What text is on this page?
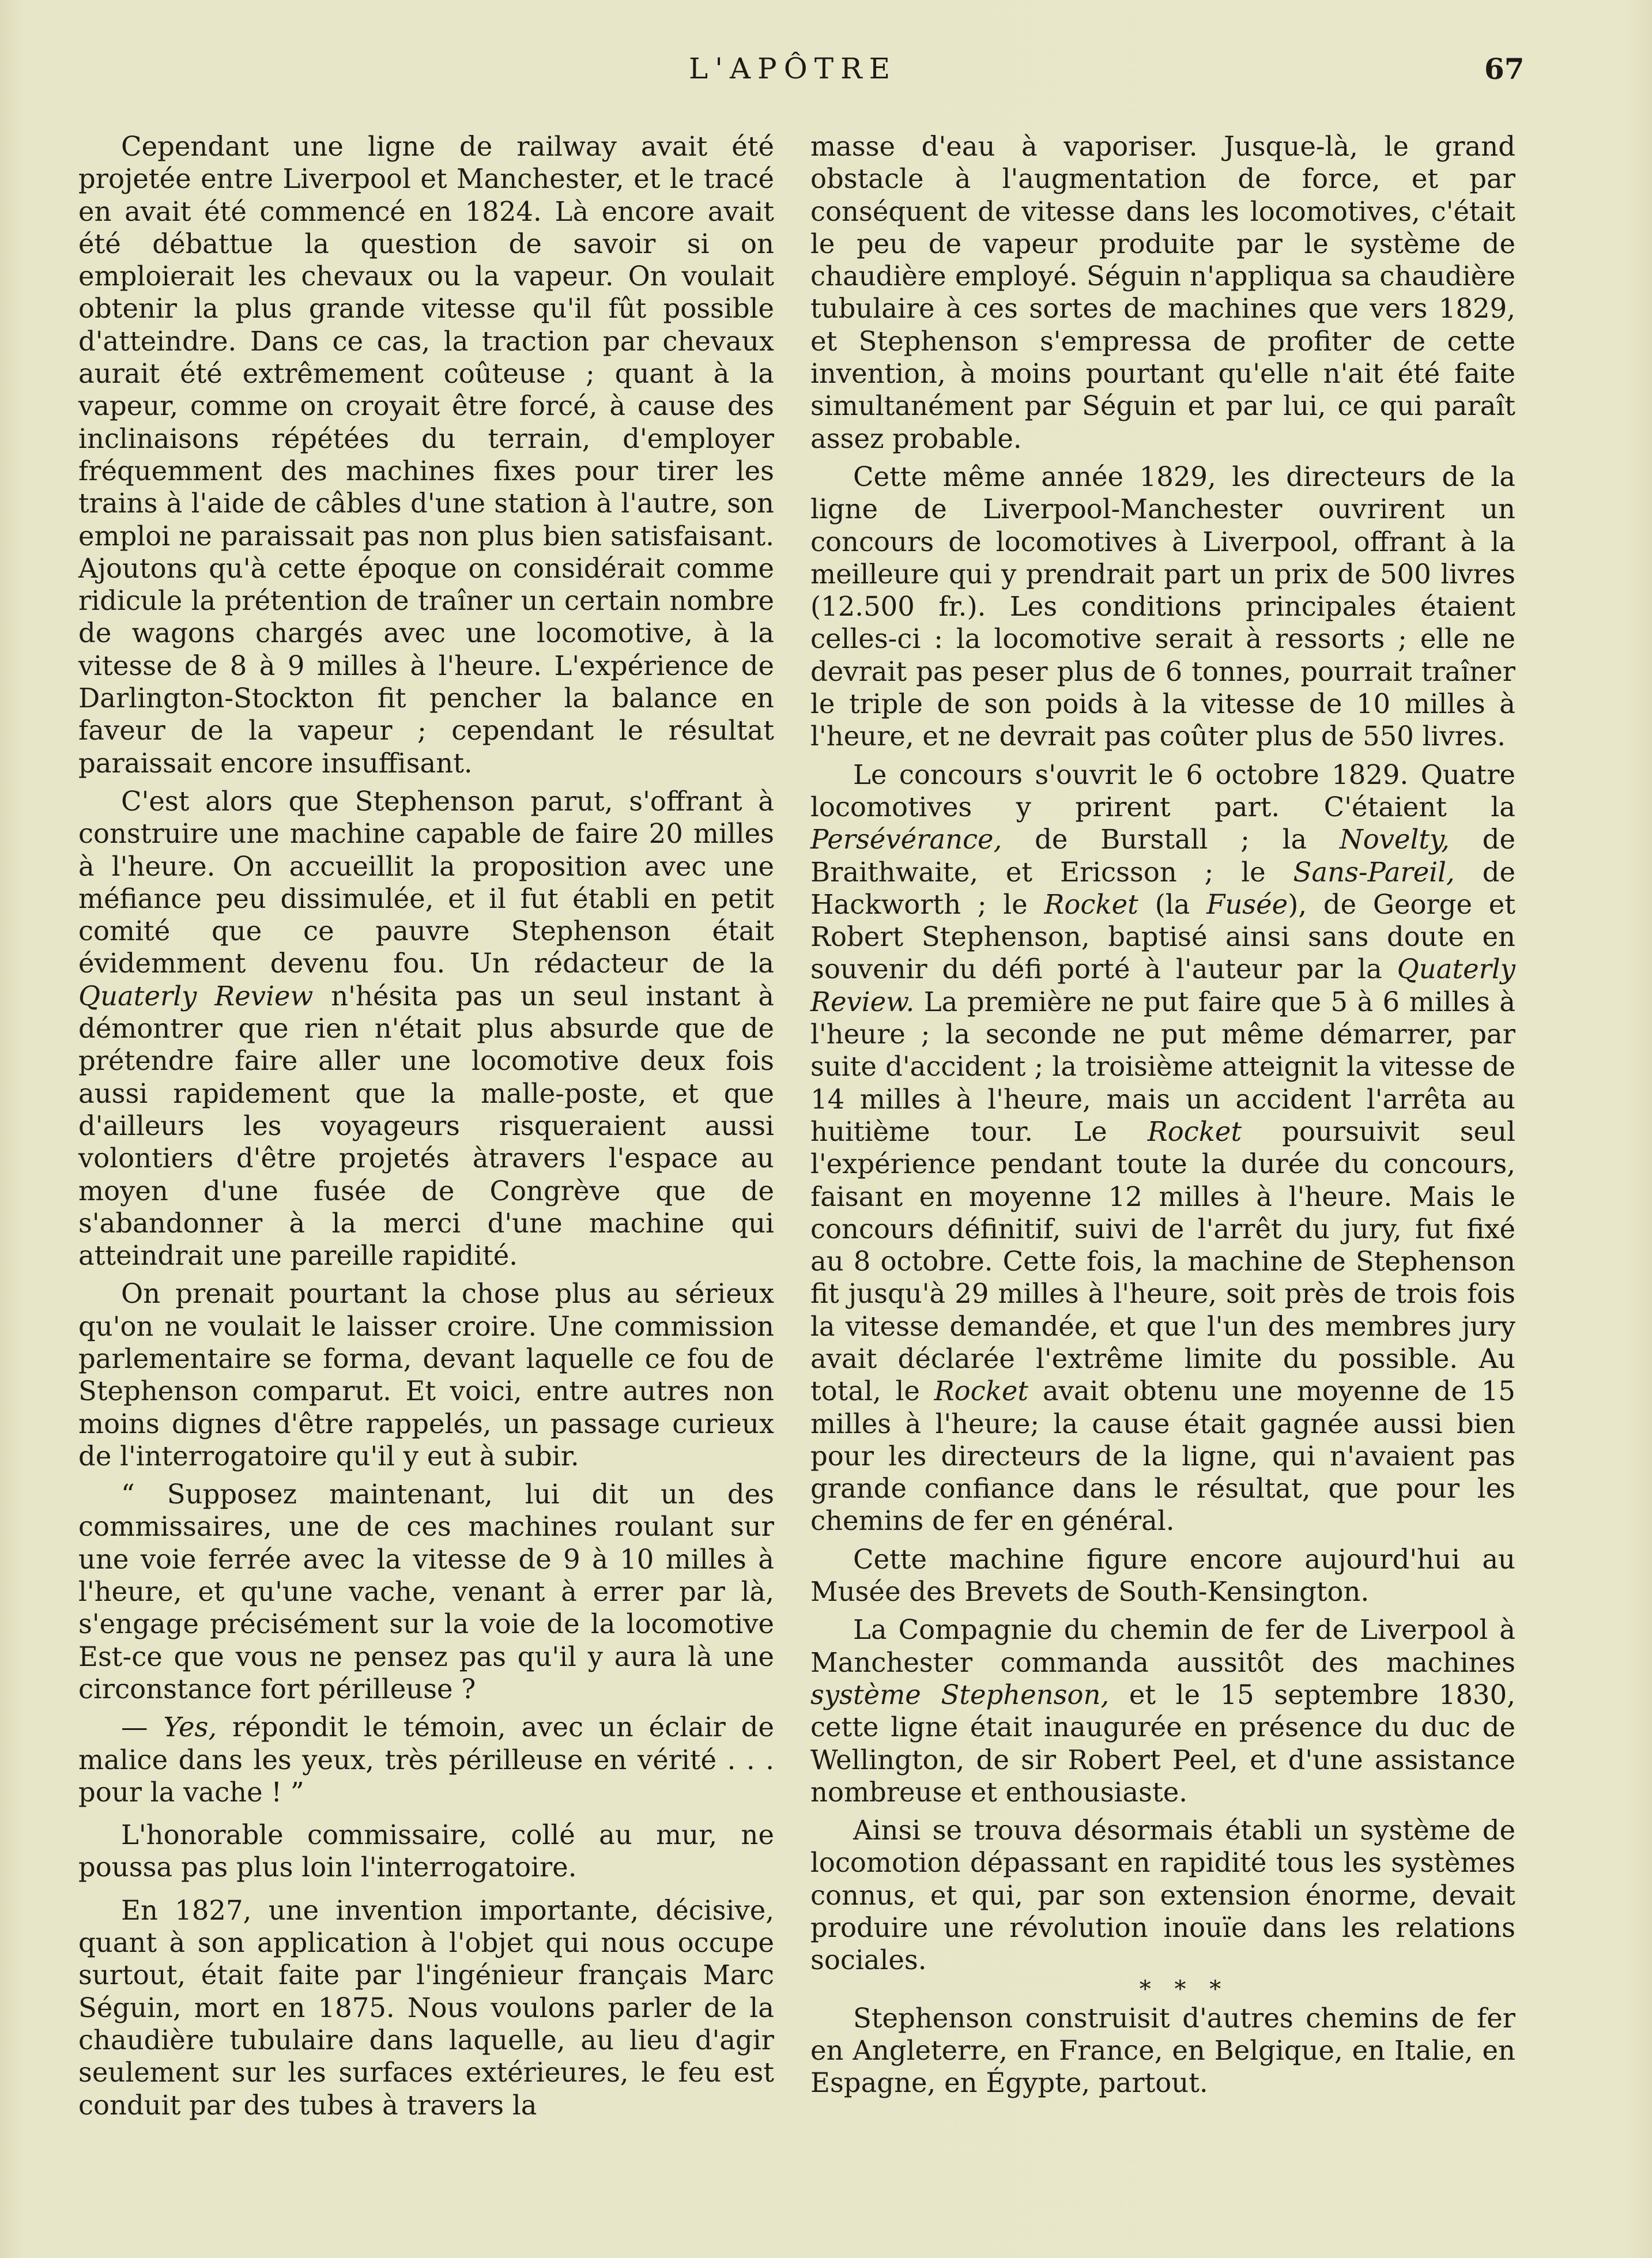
L'APÔTRE	67

Cependant une ligne de railway avait été projetée entre Liverpool et Manchester, et le tracé en avait été commencé en 1824. Là encore avait été débattue la question de savoir si on emploierait les chevaux ou la vapeur. On voulait obtenir la plus grande vitesse qu'il fût possible d'atteindre. Dans ce cas, la traction par chevaux aurait été extrêmement coûteuse ; quant à la vapeur, comme on croyait être forcé, à cause des inclinaisons répétées du terrain, d'employer fréquemment des machines fixes pour tirer les trains à l'aide de câbles d'une station à l'autre, son emploi ne paraissait pas non plus bien satisfaisant. Ajoutons qu'à cette époque on considérait comme ridicule la prétention de traîner un certain nombre de wagons chargés avec une locomotive, à la vitesse de 8 à 9 milles à l'heure. L'expérience de Darlington-Stockton fit pencher la balance en faveur de la vapeur ; cependant le résultat paraissait encore insuffisant.

C'est alors que Stephenson parut, s'offrant à construire une machine capable de faire 20 milles à l'heure. On accueillit la proposition avec une méfiance peu dissimulée, et il fut établi en petit comité que ce pauvre Stephenson était évidemment devenu fou. Un rédacteur de la Quaterly Review n'hésita pas un seul instant à démontrer que rien n'était plus absurde que de prétendre faire aller une locomotive deux fois aussi rapidement que la malle-poste, et que d'ailleurs les voyageurs risqueraient aussi volontiers d'être projetés àtravers l'espace au moyen d'une fusée de Congrève que de s'abandonner à la merci d'une machine qui atteindrait une pareille rapidité.

On prenait pourtant la chose plus au sérieux qu'on ne voulait le laisser croire. Une commission parlementaire se forma, devant laquelle ce fou de Stephenson comparut. Et voici, entre autres non moins dignes d'être rappelés, un passage curieux de l'interrogatoire qu'il y eut à subir.

“ Supposez maintenant, lui dit un des commissaires, une de ces machines roulant sur une voie ferrée avec la vitesse de 9 à 10 milles à l'heure, et qu'une vache, venant à errer par là, s'engage précisément sur la voie de la locomotive Est-ce que vous ne pensez pas qu'il y aura là une circonstance fort périlleuse ?

— Yes, répondit le témoin, avec un éclair de malice dans les yeux, très périlleuse en vérité . . . pour la vache ! ”

L'honorable commissaire, collé au mur, ne poussa pas plus loin l'interrogatoire.

En 1827, une invention importante, décisive, quant à son application à l'objet qui nous occupe surtout, était faite par l'ingénieur français Marc Séguin, mort en 1875. Nous voulons parler de la chaudière tubulaire dans laquelle, au lieu d'agir seulement sur les surfaces extérieures, le feu est conduit par des tubes à travers la

masse d'eau à vaporiser. Jusque-là, le grand obstacle à l'augmentation de force, et par conséquent de vitesse dans les locomotives, c'était le peu de vapeur produite par le système de chaudière employé. Séguin n'appliqua sa chaudière tubulaire à ces sortes de machines que vers 1829, et Stephenson s'empressa de profiter de cette invention, à moins pourtant qu'elle n'ait été faite simultanément par Séguin et par lui, ce qui paraît assez probable.

Cette même année 1829, les directeurs de la ligne de Liverpool-Manchester ouvrirent un concours de locomotives à Liverpool, offrant à la meilleure qui y prendrait part un prix de 500 livres (12.500 fr.). Les conditions principales étaient celles-ci : la locomotive serait à ressorts ; elle ne devrait pas peser plus de 6 tonnes, pourrait traîner le triple de son poids à la vitesse de 10 milles à l'heure, et ne devrait pas coûter plus de 550 livres.

Le concours s'ouvrit le 6 octobre 1829. Quatre locomotives y prirent part. C'étaient la Persévérance, de Burstall ; la Novelty, de Braithwaite, et Ericsson ; le Sans-Pareil, de Hackworth ; le Rocket (la Fusée), de George et Robert Stephenson, baptisé ainsi sans doute en souvenir du défi porté à l'auteur par la Quaterly Review. La première ne put faire que 5 à 6 milles à l'heure ; la seconde ne put même démarrer, par suite d'accident ; la troisième atteignit la vitesse de 14 milles à l'heure, mais un accident l'arrêta au huitième tour. Le Rocket poursuivit seul l'expérience pendant toute la durée du concours, faisant en moyenne 12 milles à l'heure. Mais le concours définitif, suivi de l'arrêt du jury, fut fixé au 8 octobre. Cette fois, la machine de Stephenson fit jusqu'à 29 milles à l'heure, soit près de trois fois la vitesse demandée, et que l'un des membres jury avait déclarée l'extrême limite du possible. Au total, le Rocket avait obtenu une moyenne de 15 milles à l'heure; la cause était gagnée aussi bien pour les directeurs de la ligne, qui n'avaient pas grande confiance dans le résultat, que pour les chemins de fer en général.

Cette machine figure encore aujourd'hui au Musée des Brevets de South-Kensington.

La Compagnie du chemin de fer de Liverpool à Manchester commanda aussitôt des machines système Stephenson, et le 15 septembre 1830, cette ligne était inaugurée en présence du duc de Wellington, de sir Robert Peel, et d'une assistance nombreuse et enthousiaste.

Ainsi se trouva désormais établi un système de locomotion dépassant en rapidité tous les systèmes connus, et qui, par son extension énorme, devait produire une révolution inouïe dans les relations sociales.

* * *

Stephenson construisit d'autres chemins de fer en Angleterre, en France, en Belgique, en Italie, en Espagne, en Égypte, partout.
